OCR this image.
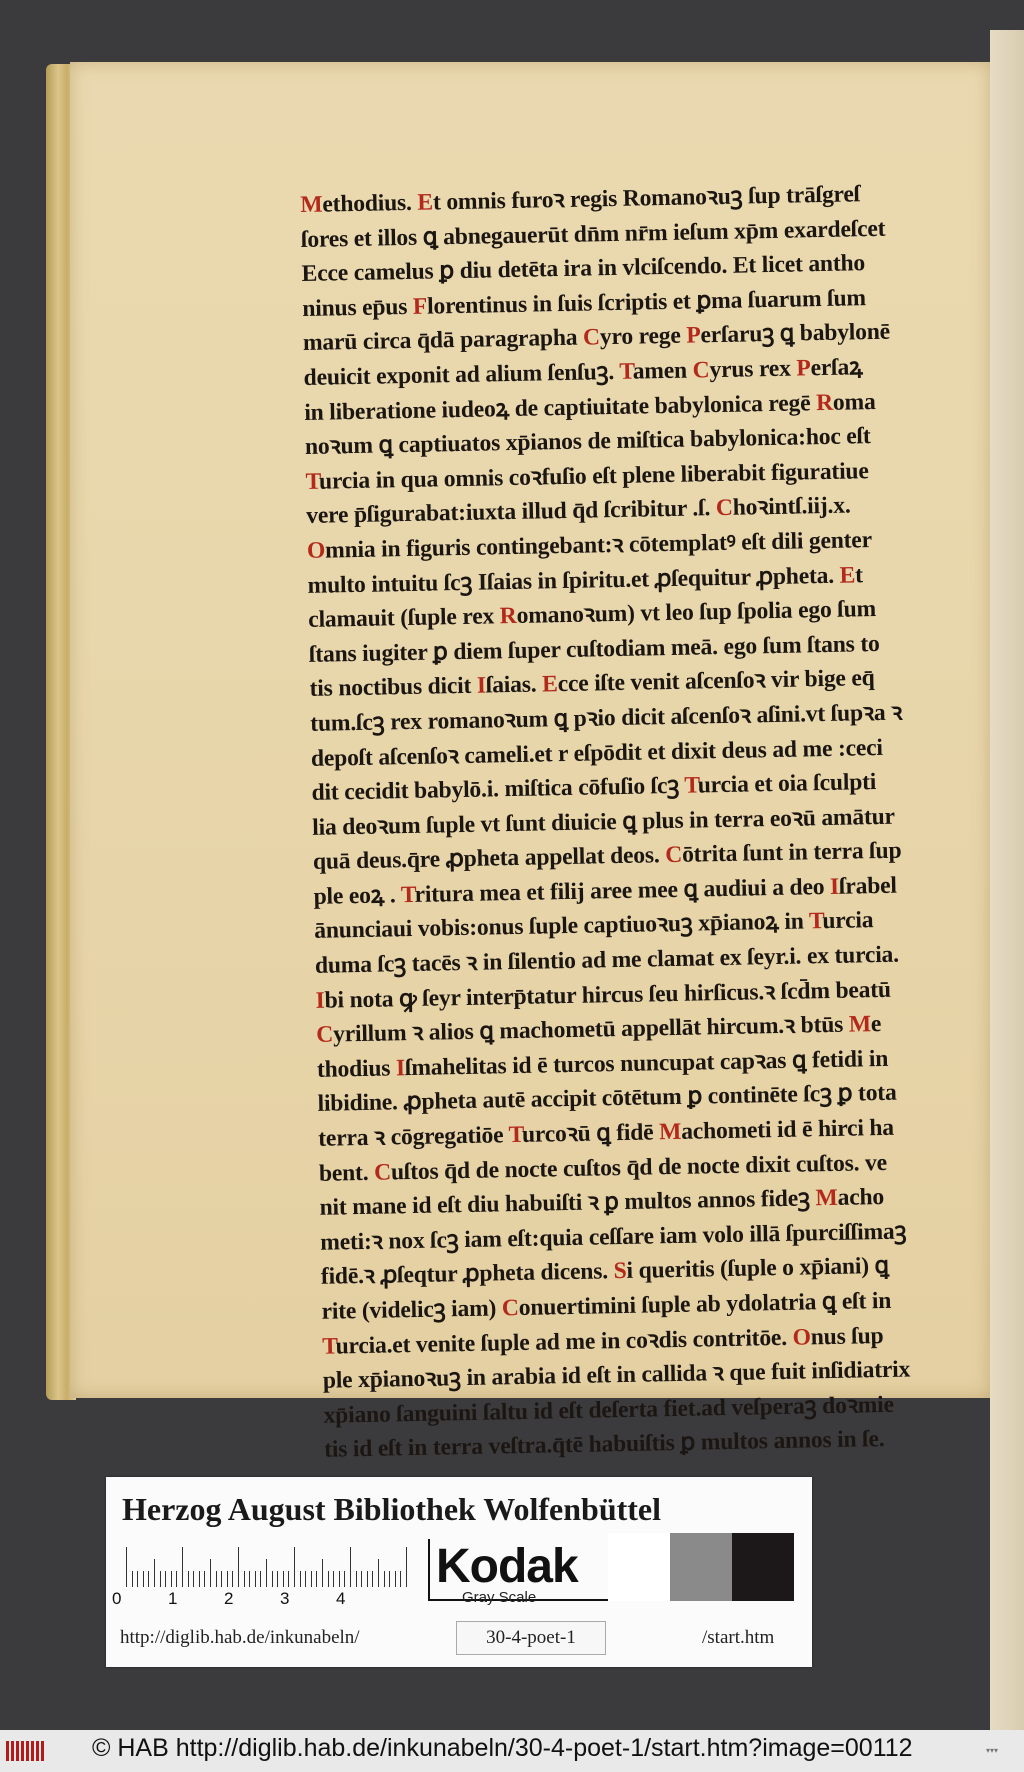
Methodius. Et omnis furoꝛ regis Romanoꝛuꝫ ſup trāſgreſ
ſores et illos ꝗ abnegauerūt dn̄m nr̄m ieſum xp̄m exardeſcet
Ecce camelus ꝑ diu detēta ira in vlciſcendo. Et licet antho
ninus ep̄us Florentinus in ſuis ſcriptis et ꝑma ſuarum ſum
marū circa q̄dā paragrapha Cyro rege Perſaruꝫ ꝗ babylonē
deuicit exponit ad alium ſenſuꝫ. Tamen Cyrus rex Perſaꝝ
in liberatione iudeoꝝ de captiuitate babylonica regē Roma
noꝛum ꝗ captiuatos xp̄ianos de miſtica babylonica:hoc eſt
Turcia in qua omnis coꝛfuſio eſt plene liberabit figuratiue
vere p̄ſigurabat:iuxta illud q̄d ſcribitur .ſ. Choꝛintſ.iij.x.
Omnia in figuris contingebant:ꝛ cōtemplatꝰ eſt dili genter
multo intuitu ſcꝫ Iſaias in ſpiritu.et ꝓſequitur ꝓpheta. Et
clamauit (ſuple rex Romanoꝛum) vt leo ſup ſpolia ego ſum
ſtans iugiter ꝑ diem ſuper cuſtodiam meā. ego ſum ſtans to
tis noctibus dicit Iſaias. Ecce iſte venit aſcenſoꝛ vir bige eq̄
tum.ſcꝫ rex romanoꝛum ꝗ pꝛio dicit aſcenſoꝛ aſini.vt ſupꝛa ꝛ
depoſt aſcenſoꝛ cameli.et r eſpōdit et dixit deus ad me :ceci
dit cecidit babylō.i. miſtica cōfuſio ſcꝫ Turcia et oia ſculpti
lia deoꝛum ſuple vt ſunt diuicie ꝗ plus in terra eoꝛū amātur
quā deus.q̄re ꝓpheta appellat deos. Cōtrita ſunt in terra ſup
ple eoꝝ . Tritura mea et filij aree mee ꝗ audiui a deo Iſrabel
ānunciaui vobis:onus ſuple captiuoꝛuꝫ xp̄ianoꝝ in Turcia
duma ſcꝫ tacēs ꝛ in ſilentio ad me clamat ex ſeyr.i. ex turcia.
Ibi nota ꝙ ſeyr interp̄tatur hircus ſeu hirſicus.ꝛ ſcd̄m beatū
Cyrillum ꝛ alios ꝗ machometū appellāt hircum.ꝛ btūs Me
thodius Iſmahelitas id ē turcos nuncupat capꝛas ꝗ fetidi in
libidine. ꝓpheta autē accipit cōtētum ꝑ continēte ſcꝫ ꝑ tota
terra ꝛ cōgregatiōe Turcoꝛū ꝗ fidē Machometi id ē hirci ha
bent. Cuſtos q̄d de nocte cuſtos q̄d de nocte dixit cuſtos. ve
nit mane id eſt diu habuiſti ꝛ ꝑ multos annos fideꝫ Macho
meti:ꝛ nox ſcꝫ iam eſt:quia ceſſare iam volo illā ſpurciſſimaꝫ
fidē.ꝛ ꝓſeqtur ꝓpheta dicens. Si queritis (ſuple o xp̄iani) ꝗ
rite (videlicꝫ iam) Conuertimini ſuple ab ydolatria ꝗ eſt in
Turcia.et venite ſuple ad me in coꝛdis contritōe. Onus ſup
ple xp̄ianoꝛuꝫ in arabia id eſt in callida ꝛ que fuit inſidiatrix
xp̄iano ſanguini ſaltu id eſt deſerta fiet.ad veſperaꝫ doꝛmie
tis id eſt in terra veſtra.q̄tē habuiſtis ꝑ multos annos in ſe.
Herzog August Bibliothek Wolfenbüttel
0	1	2	3	4
Kodak
Gray Scale
http://diglib.hab.de/inkunabeln/	30-4-poet-1	/start.htm
© HAB http://diglib.hab.de/inkunabeln/30-4-poet-1/start.htm?image=00112	▾▾▾
